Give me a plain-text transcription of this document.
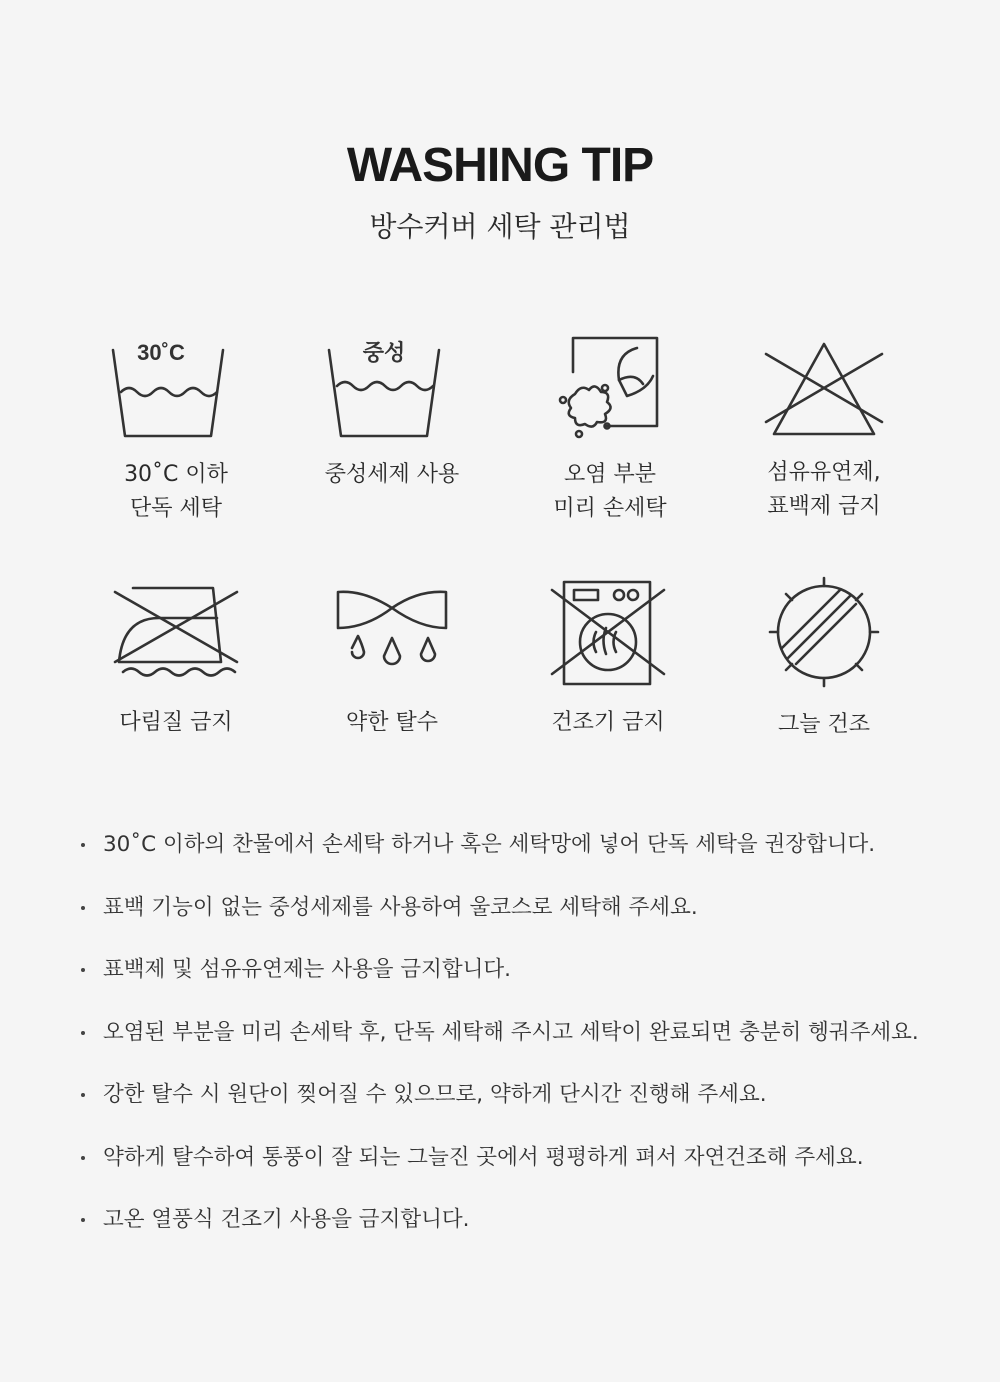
WASHING TIP
방수커버 세탁 관리법
30˚C
30˚C 이하
단독 세탁
중성
중성세제 사용	오염 부분
미리 손세탁
섬유유연제,
표백제 금지
다림질 금지	약한 탈수	건조기 금지	그늘 건조
30˚C 이하의 찬물에서 손세탁 하거나 혹은 세탁망에 넣어 단독 세탁을 권장합니다.
표백 기능이 없는 중성세제를 사용하여 울코스로 세탁해 주세요.
표백제 및 섬유유연제는 사용을 금지합니다.
오염된 부분을 미리 손세탁 후, 단독 세탁해 주시고 세탁이 완료되면 충분히 헹궈주세요.
강한 탈수 시 원단이 찢어질 수 있으므로, 약하게 단시간 진행해 주세요.
약하게 탈수하여 통풍이 잘 되는 그늘진 곳에서 평평하게 펴서 자연건조해 주세요.
고온 열풍식 건조기 사용을 금지합니다.
